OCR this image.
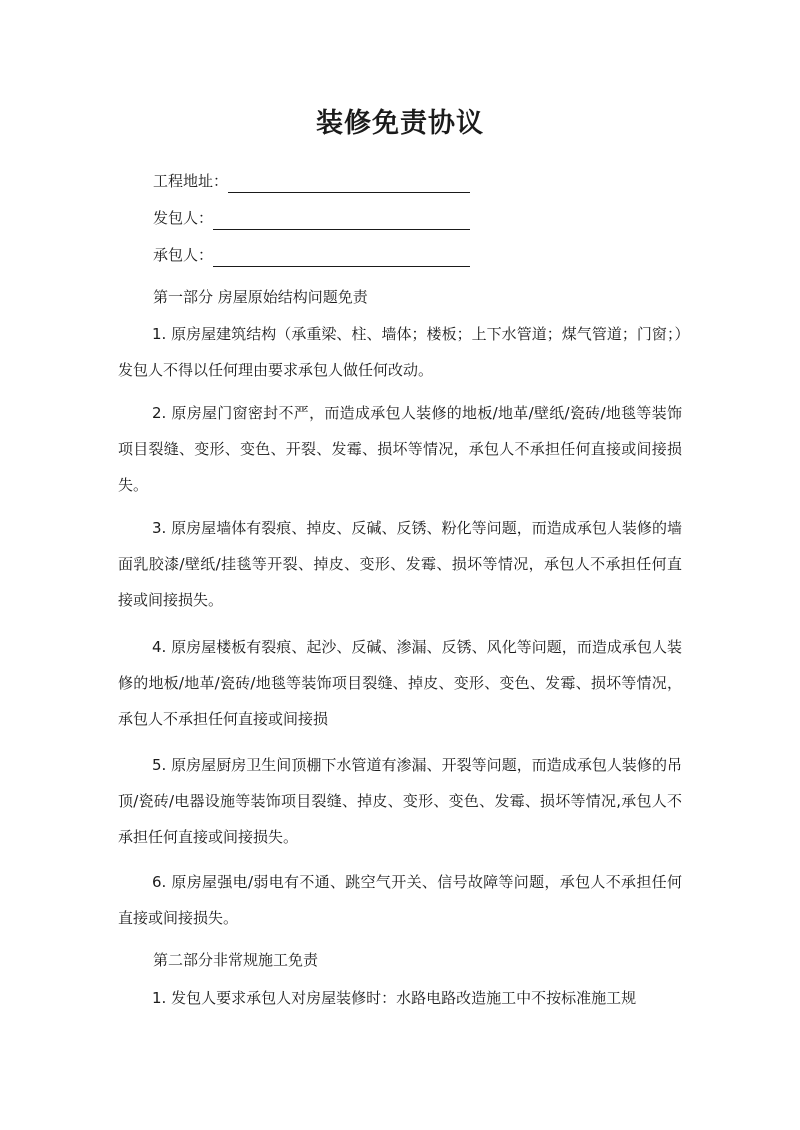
装修免责协议
工程地址：
发包人：
承包人：
第一部分 房屋原始结构问题免责
1. 原房屋建筑结构（承重梁、柱、墙体；楼板；上下水管道；煤气管道；门窗；）发包人不得以任何理由要求承包人做任何改动。
2. 原房屋门窗密封不严，而造成承包人装修的地板/地革/壁纸/瓷砖/地毯等装饰项目裂缝、变形、变色、开裂、发霉、损坏等情况，承包人不承担任何直接或间接损失。
3. 原房屋墙体有裂痕、掉皮、反碱、反锈、粉化等问题，而造成承包人装修的墙面乳胶漆/壁纸/挂毯等开裂、掉皮、变形、发霉、损坏等情况，承包人不承担任何直接或间接损失。
4. 原房屋楼板有裂痕、起沙、反碱、渗漏、反锈、风化等问题，而造成承包人装修的地板/地革/瓷砖/地毯等装饰项目裂缝、掉皮、变形、变色、发霉、损坏等情况，承包人不承担任何直接或间接损
5. 原房屋厨房卫生间顶棚下水管道有渗漏、开裂等问题，而造成承包人装修的吊顶/瓷砖/电器设施等装饰项目裂缝、掉皮、变形、变色、发霉、损坏等情况,承包人不承担任何直接或间接损失。
6. 原房屋强电/弱电有不通、跳空气开关、信号故障等问题，承包人不承担任何直接或间接损失。
第二部分非常规施工免责
1. 发包人要求承包人对房屋装修时：水路电路改造施工中不按标准施工规
